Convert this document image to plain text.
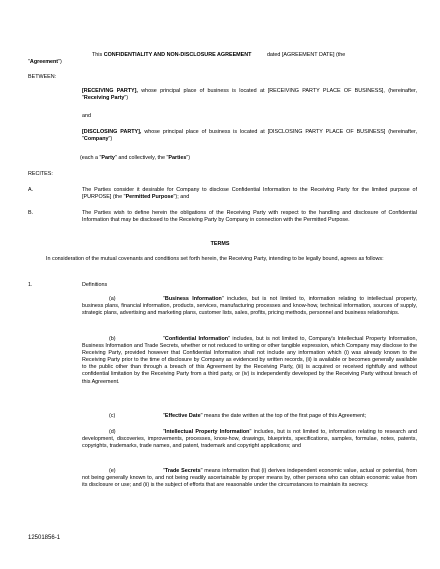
This CONFIDENTIALITY AND NON-DISCLOSURE AGREEMENT	dated [AGREEMENT DATE] (the
"Agreement")
BETWEEN:
[RECEIVING PARTY], whose principal place of business is located at [RECEIVING PARTY PLACE OF BUSINESS], (hereinafter, "Receiving Party")
and
[DISCLOSING PARTY], whose principal place of business is located at [DISCLOSING PARTY PLACE OF BUSINESS] (hereinafter, "Company")
(each a "Party" and collectively, the "Parties")
RECITES:
A.	The Parties consider it desirable for Company to disclose Confidential Information to the Receiving Party for the limited purpose of [PURPOSE] (the "Permitted Purpose"); and
B.	The Parties wish to define herein the obligations of the Receiving Party with respect to the handling and disclosure of Confidential Information that may be disclosed to the Receiving Party by Company in connection with the Permitted Purpose.
TERMS
In consideration of the mutual covenants and conditions set forth herein, the Receiving Party, intending to be legally bound, agrees as follows:
1.	Definitions
(a)	"Business Information" includes, but is not limited to, information relating to intellectual property, business plans, financial information, products, services, manufacturing processes and know-how, technical information, sources of supply, strategic plans, advertising and marketing plans, customer lists, sales, profits, pricing methods, personnel and business relationships.
(b)	"Confidential Information" includes, but is not limited to, Company's Intellectual Property Information, Business Information and Trade Secrets, whether or not reduced to writing or other tangible expression, which Company may disclose to the Receiving Party, provided however that Confidential Information shall not include any information which (i) was already known to the Receiving Party prior to the time of disclosure by Company as evidenced by written records, (ii) is available or becomes generally available to the public other than through a breach of this Agreement by the Receiving Party, (iii) is acquired or received rightfully and without confidential limitation by the Receiving Party from a third party, or (iv) is independently developed by the Receiving Party without breach of this Agreement.
(c)	"Effective Date" means the date written at the top of the first page of this Agreement;
(d)	"Intellectual Property Information" includes, but is not limited to, information relating to research and development, discoveries, improvements, processes, know-how, drawings, blueprints, specifications, samples, formulae, notes, patents, copyrights, trademarks, trade names, and patent, trademark and copyright applications; and
(e)	"Trade Secrets" means information that (i) derives independent economic value, actual or potential, from not being generally known to, and not being readily ascertainable by proper means by, other persons who can obtain economic value from its disclosure or use; and (ii) is the subject of efforts that are reasonable under the circumstances to maintain its secrecy.
12501856-1
